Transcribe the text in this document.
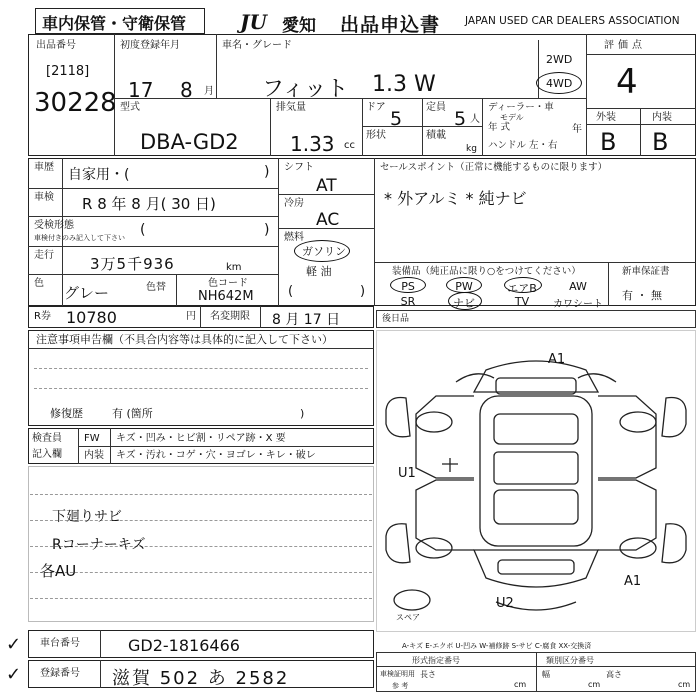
車内保管・守衛保管	JU 愛知 出品申込書 JAPAN USED CAR DEALERS ASSOCIATION
出品番号
[2118]
30228
初度登録年月
17 8 月
車名・グレード
フィット 1.3 W
2WD
4WD
評価点
4
外装	内装
B B
型式
DBA-GD2
排気量
1.33 cc
ドア
5
定員
5 人
形状	積載
kg
ディーラー・車
モデル
年 式	年
ハンドル 左・右
車歴 自家用・(	)
車検 R 8 年 8 月( 30 日)
受検形態
車検付きのみ記入して下さい (	)
走行 3万5千936	km
色
グレー	色替	色コード
NH642M
シフト
AT
冷房
AC
燃料
ガソリン
軽 油
(	)
セールスポイント（正常に機能するものに限ります）
* 外アルミ * 純ナビ
装備品（純正品に限り○をつけてください）	新車保証書
有 ・ 無
PS	PW	エアB	AW
SR	ナビ	TV	カワシート
R券 10780	円 名変期限 8 月 17 日	後日品
注意事項申告欄（不具合内容等は具体的に記入して下さい）
修復歴	有 (箇所	)
検査員
記入欄
FW キズ・凹み・ヒビ割・リペア跡・X 要
内装 キズ・汚れ・コゲ・穴・ヨゴレ・キレ・破レ
下廻りサビ
Rコーナーキズ
各AU
A1
U1
A1
U2
スペア
A-キズ E-エクボ U-凹み W-補修跡 S-サビ C-腐食 XX-交換済
✓
✓
車台番号	GD2-1816466
登録番号 滋賀 502 あ 2582
形式指定番号	類別区分番号
車検証明用
参 考
長さ
cm
幅
cm
高さ
cm
